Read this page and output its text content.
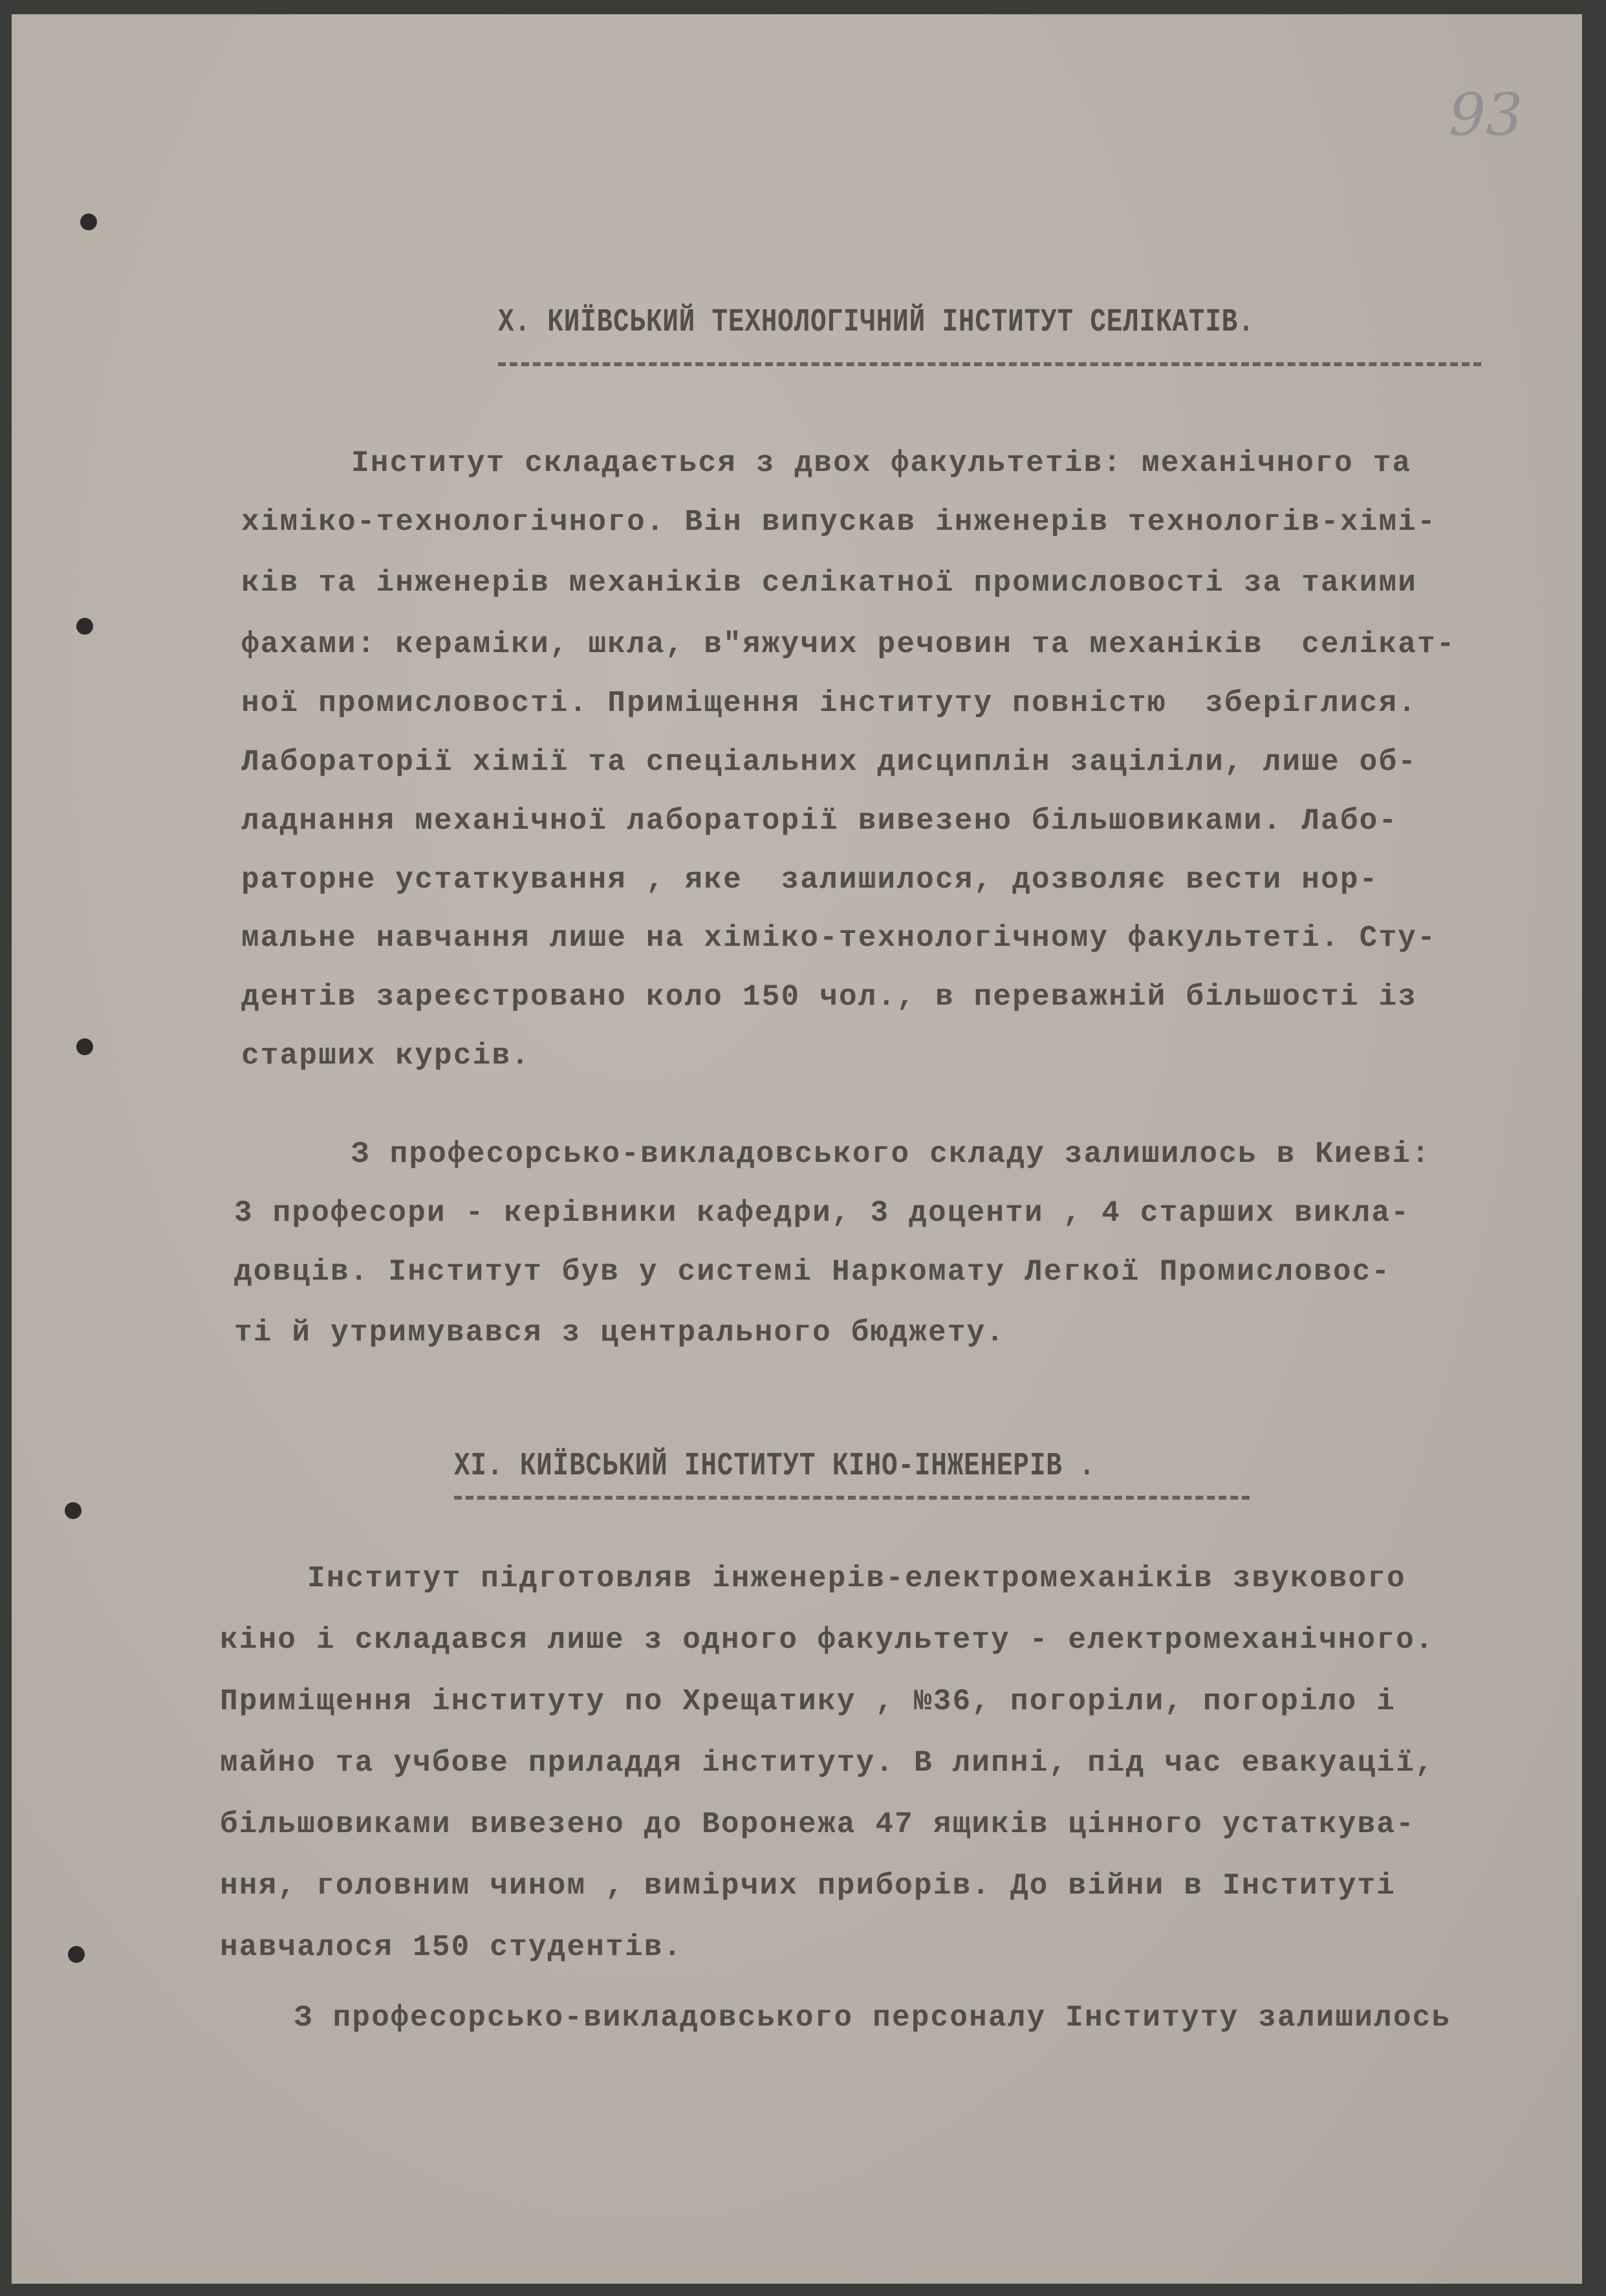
93
X. КИЇВСЬКИЙ ТЕХНОЛОГІЧНИЙ ІНСТИТУТ СЕЛІКАТІВ.
Інститут складається з двох факультетів: механічного та
хіміко-технологічного. Він випускав інженерів технологів-хімі-
ків та інженерів механіків селікатної промисловості за такими
фахами: кераміки, шкла, в"яжучих речовин та механіків  селікат-
ної промисловості. Приміщення інституту повністю  зберіглися.
Лабораторії хімії та спеціальних дисциплін заціліли, лише об-
ладнання механічної лабораторії вивезено більшовиками. Лабо-
раторне устаткування , яке  залишилося, дозволяє вести нор-
мальне навчання лише на хіміко-технологічному факультеті. Сту-
дентів зареєстровано коло 150 чол., в переважній більшості із
старших курсів.
З професорсько-викладовського складу залишилось в Киеві:
3 професори - керівники кафедри, 3 доценти , 4 старших викла-
довців. Інститут був у системі Наркомату Легкої Промисловос-
ті й утримувався з центрального бюджету.
XI. КИЇВСЬКИЙ ІНСТИТУТ КІНО-ІНЖЕНЕРІВ .
Інститут підготовляв інженерів-електромеханіків звукового
кіно і складався лише з одного факультету - електромеханічного.
Приміщення інституту по Хрещатику , №36, погоріли, погоріло і
майно та учбове приладдя інституту. В липні, під час евакуації,
більшовиками вивезено до Воронежа 47 ящиків цінного устаткува-
ння, головним чином , вимірчих приборів. До війни в Інституті
навчалося 150 студентів.
З професорсько-викладовського персоналу Інституту залишилось
